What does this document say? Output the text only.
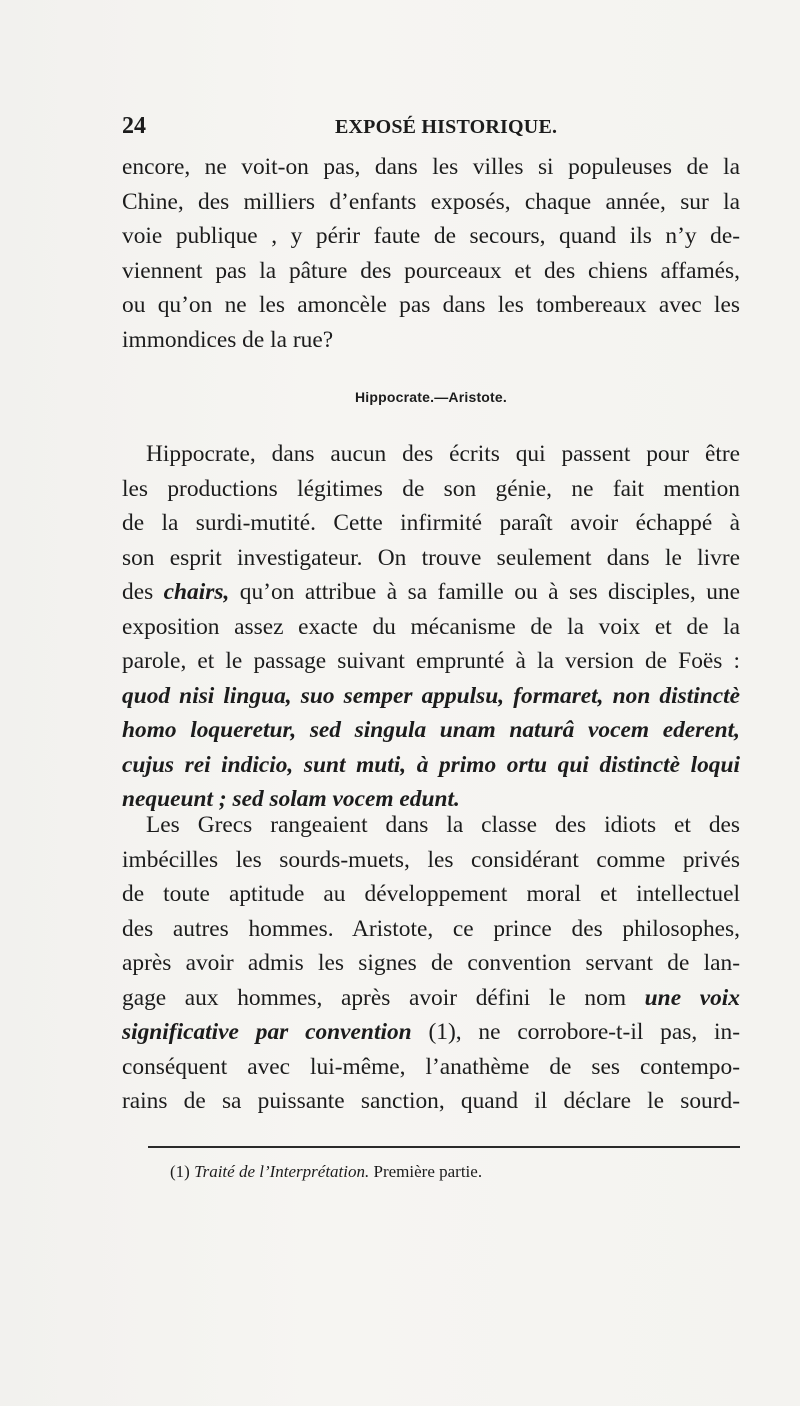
24	EXPOSÉ HISTORIQUE.
encore, ne voit-on pas, dans les villes si populeuses de la
Chine, des milliers d’enfants exposés, chaque année, sur la
voie publique , y périr faute de secours, quand ils n’y de-
viennent pas la pâture des pourceaux et des chiens affamés,
ou qu’on ne les amoncèle pas dans les tombereaux avec les
immondices de la rue?
Hippocrate.—Aristote.
Hippocrate, dans aucun des écrits qui passent pour être
les productions légitimes de son génie, ne fait mention
de la surdi-mutité. Cette infirmité paraît avoir échappé à
son esprit investigateur. On trouve seulement dans le livre
des chairs, qu’on attribue à sa famille ou à ses disciples, une
exposition assez exacte du mécanisme de la voix et de la
parole, et le passage suivant emprunté à la version de Foës :
quod nisi lingua, suo semper appulsu, formaret, non distinctè
homo loqueretur, sed singula unam naturâ vocem ederent,
cujus rei indicio, sunt muti, à primo ortu qui distinctè loqui
nequeunt ; sed solam vocem edunt.
Les Grecs rangeaient dans la classe des idiots et des
imbécilles les sourds-muets, les considérant comme privés
de toute aptitude au développement moral et intellectuel
des autres hommes. Aristote, ce prince des philosophes,
après avoir admis les signes de convention servant de lan-
gage aux hommes, après avoir défini le nom une voix
significative par convention (1), ne corrobore-t-il pas, in-
conséquent avec lui-même, l’anathème de ses contempo-
rains de sa puissante sanction, quand il déclare le sourd-
(1) Traité de l’Interprétation. Première partie.
